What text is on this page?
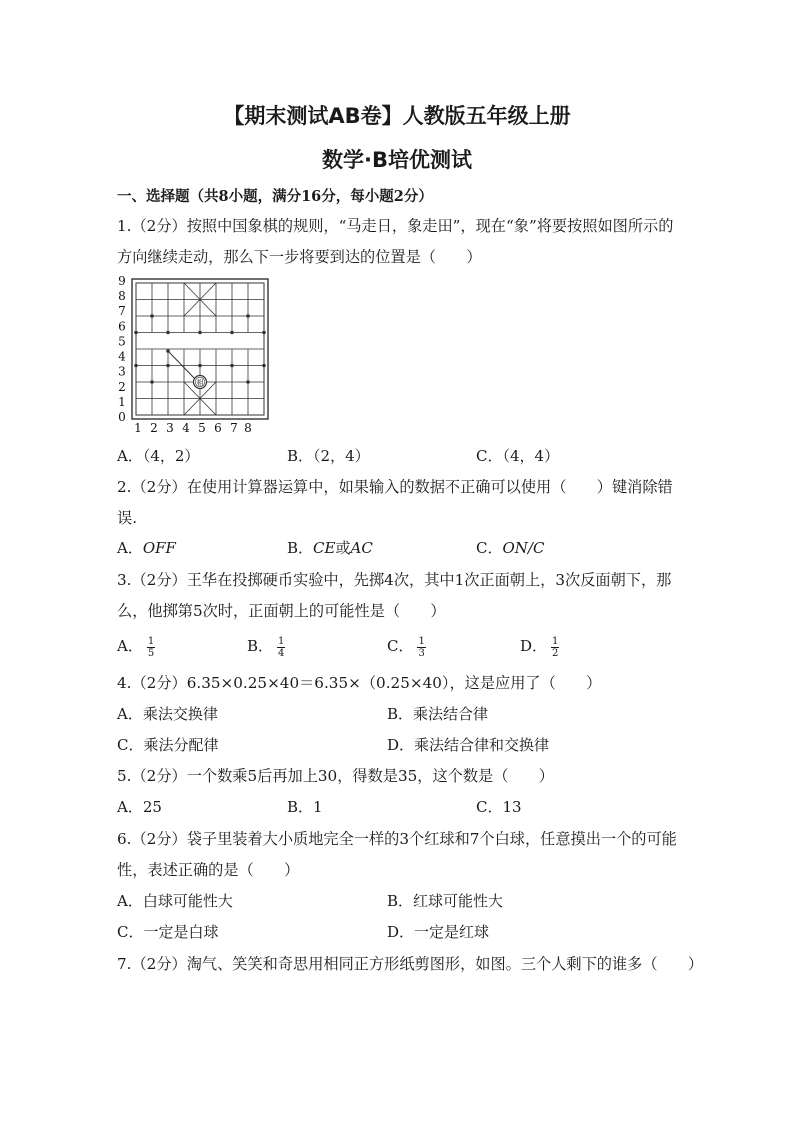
【期末测试AB卷】人教版五年级上册
数学·B培优测试
一、选择题（共8小题，满分16分，每小题2分）
1.（2分）按照中国象棋的规则，“马走日，象走田”，现在“象”将要按照如图所示的
方向继续走动，那么下一步将要到达的位置是（　　）
0
1
2
3
4
5
6
7
8
9
1 2 3 4 5 6 7 8
相
A．（4，2）	B．（2，4）	C．（4，4）
2.（2分）在使用计算器运算中，如果输入的数据不正确可以使用（　　）键消除错
误.
A．OFF	B．CE或AC	C．ON/C
3.（2分）王华在投掷硬币实验中，先掷4次，其中1次正面朝上，3次反面朝下，那
么，他掷第5次时，正面朝上的可能性是（　　）
A． $\frac{1}{5}$	B． $\frac{1}{4}$	C． $\frac{1}{3}$	D． $\frac{1}{2}$
4.（2分）6.35×0.25×40＝6.35×（0.25×40），这是应用了（　　）
A．乘法交换律	B．乘法结合律
C．乘法分配律	D．乘法结合律和交换律
5.（2分）一个数乘5后再加上30，得数是35，这个数是（　　）
A．25	B．1	C．13
6.（2分）袋子里装着大小质地完全一样的3个红球和7个白球，任意摸出一个的可能
性，表述正确的是（　　）
A．白球可能性大	B．红球可能性大
C．一定是白球	D．一定是红球
7.（2分）淘气、笑笑和奇思用相同正方形纸剪图形，如图。三个人剩下的谁多（　　）
